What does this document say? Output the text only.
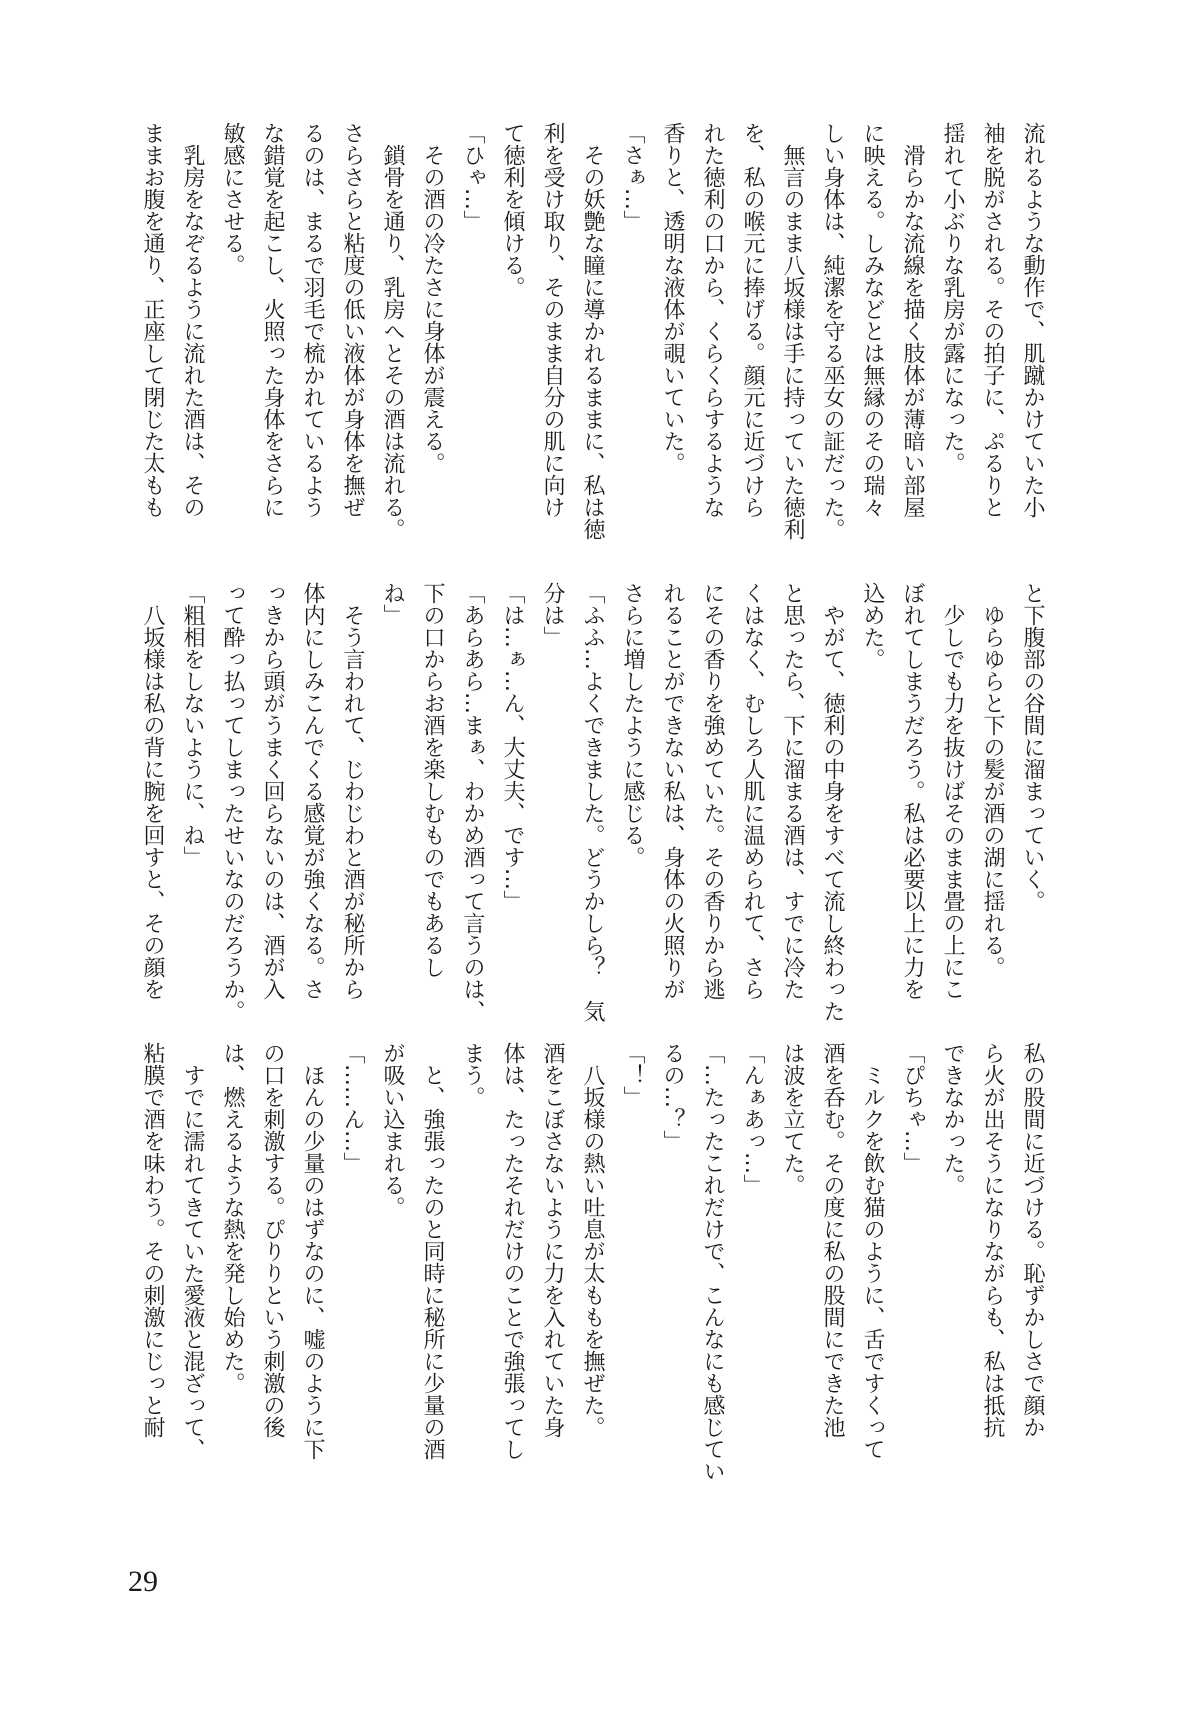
流れるような動作で、肌蹴かけていた小
袖を脱がされる。その拍子に、ぷるりと
揺れて小ぶりな乳房が露になった。
　滑らかな流線を描く肢体が薄暗い部屋
に映える。しみなどとは無縁のその瑞々
しい身体は、純潔を守る巫女の証だった。
　無言のまま八坂様は手に持っていた徳利
を、私の喉元に捧げる。顔元に近づけら
れた徳利の口から、くらくらするような
香りと、透明な液体が覗いていた。
「さぁ…」
　その妖艶な瞳に導かれるままに、私は徳
利を受け取り、そのまま自分の肌に向け
て徳利を傾ける。
「ひゃ…」
　その酒の冷たさに身体が震える。
　鎖骨を通り、乳房へとその酒は流れる。
さらさらと粘度の低い液体が身体を撫ぜ
るのは、まるで羽毛で梳かれているよう
な錯覚を起こし、火照った身体をさらに
敏感にさせる。
　乳房をなぞるように流れた酒は、その
ままお腹を通り、正座して閉じた太もも
と下腹部の谷間に溜まっていく。
　ゆらゆらと下の髪が酒の湖に揺れる。
　少しでも力を抜けばそのまま畳の上にこ
ぼれてしまうだろう。私は必要以上に力を
込めた。
　やがて、徳利の中身をすべて流し終わった
と思ったら、下に溜まる酒は、すでに冷た
くはなく、むしろ人肌に温められて、さら
にその香りを強めていた。その香りから逃
れることができない私は、身体の火照りが
さらに増したように感じる。
「ふふ…よくできました。どうかしら？　気
分は」
「は…ぁ…ん、大丈夫、です…」
「あらあら…まぁ、わかめ酒って言うのは、
下の口からお酒を楽しむものでもあるし
ね」
　そう言われて、じわじわと酒が秘所から
体内にしみこんでくる感覚が強くなる。さ
っきから頭がうまく回らないのは、酒が入
って酔っ払ってしまったせいなのだろうか。
「粗相をしないように、ね」
　八坂様は私の背に腕を回すと、その顔を
私の股間に近づける。恥ずかしさで顔か
ら火が出そうになりながらも、私は抵抗
できなかった。
「ぴちゃ…」
　ミルクを飲む猫のように、舌ですくって
酒を呑む。その度に私の股間にできた池
は波を立てた。
「んぁあっ…」
「…たったこれだけで、こんなにも感じてい
るの…？」
「！」
　八坂様の熱い吐息が太ももを撫ぜた。
酒をこぼさないように力を入れていた身
体は、たったそれだけのことで強張ってし
まう。
　と、強張ったのと同時に秘所に少量の酒
が吸い込まれる。
「……ん…」
　ほんの少量のはずなのに、嘘のように下
の口を刺激する。ぴりりという刺激の後
は、燃えるような熱を発し始めた。
　すでに濡れてきていた愛液と混ざって、
粘膜で酒を味わう。その刺激にじっと耐
29
